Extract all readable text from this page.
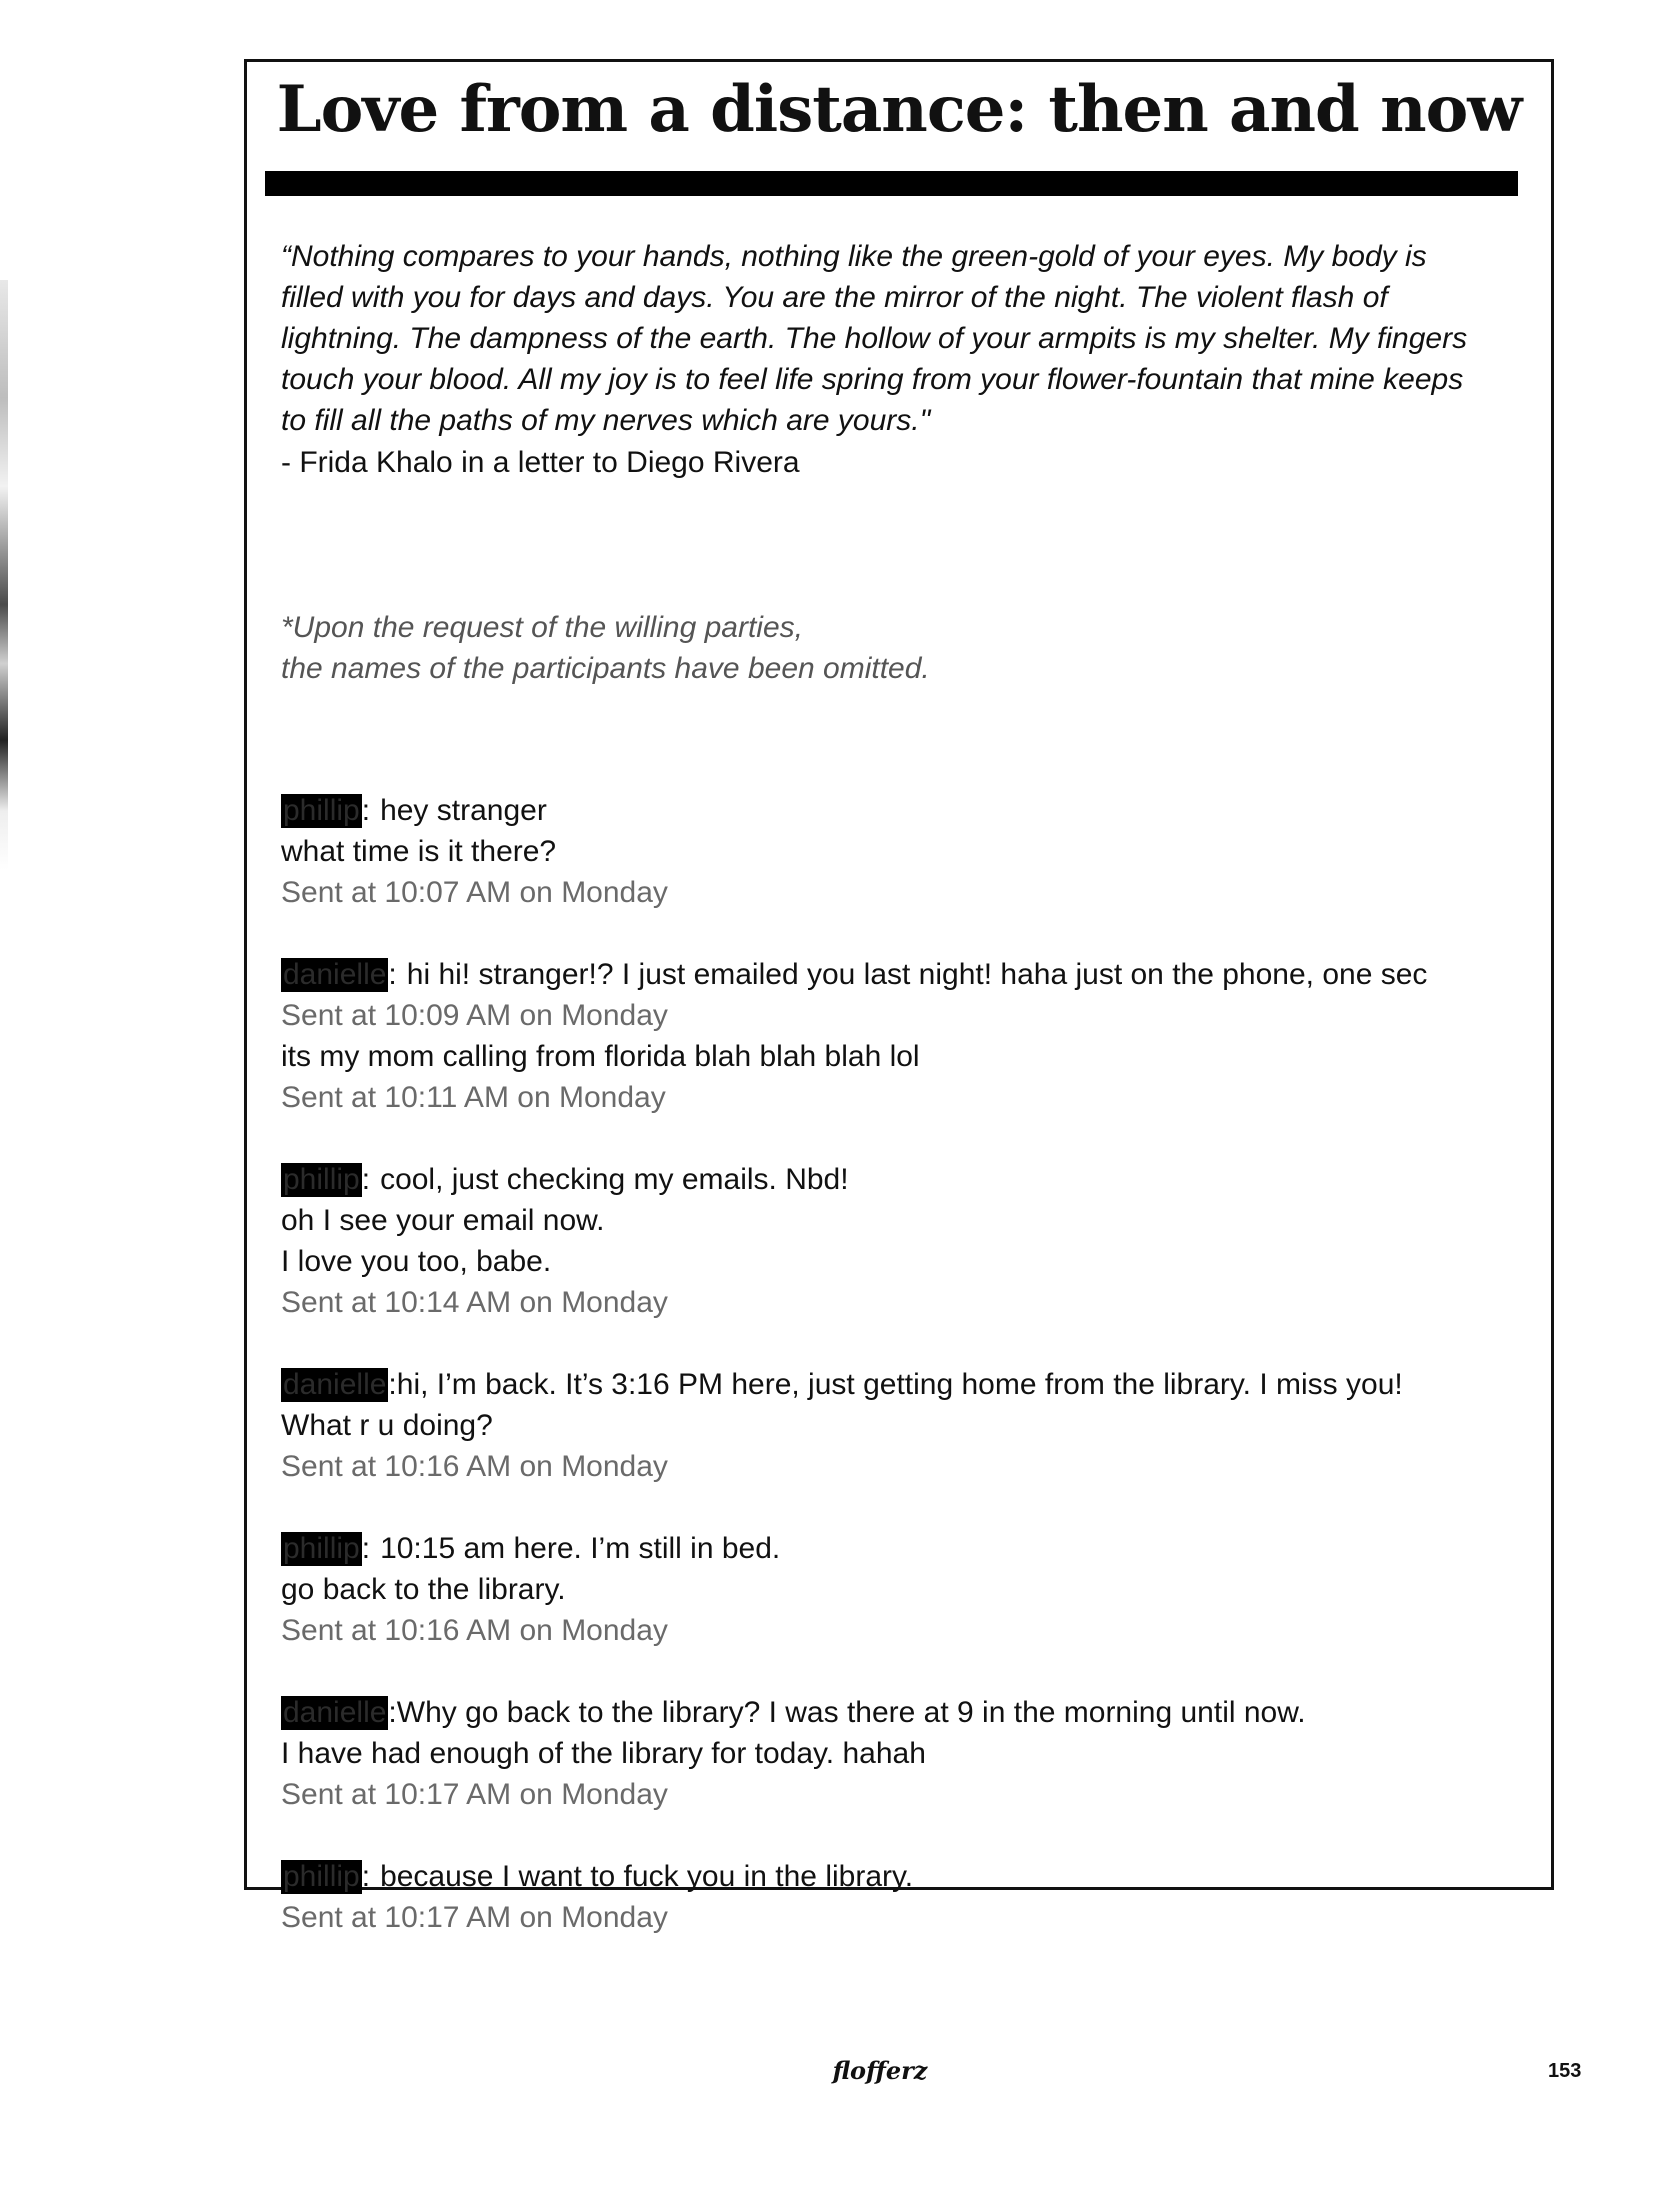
Love from a distance: then and now
“Nothing compares to your hands, nothing like the green-gold of your eyes. My body is filled with you for days and days. You are the mirror of the night. The violent flash of lightning. The dampness of the earth. The hollow of your armpits is my shelter. My fingers touch your blood. All my joy is to feel life spring from your flower-fountain that mine keeps to fill all the paths of my nerves which are yours."
- Frida Khalo in a letter to Diego Rivera
*Upon the request of the willing parties,
the names of the participants have been omitted.
phillip: hey stranger
what time is it there?
Sent at 10:07 AM on Monday
danielle: hi hi! stranger!? I just emailed you last night! haha just on the phone, one sec
Sent at 10:09 AM on Monday
its my mom calling from florida blah blah blah lol
Sent at 10:11 AM on Monday
phillip: cool, just checking my emails. Nbd!
oh I see your email now.
I love you too, babe.
Sent at 10:14 AM on Monday
danielle:hi, I’m back. It’s 3:16 PM here, just getting home from the library. I miss you!
What r u doing?
Sent at 10:16 AM on Monday
phillip: 10:15 am here. I’m still in bed.
go back to the library.
Sent at 10:16 AM on Monday
danielle:Why go back to the library? I was there at 9 in the morning until now.
I have had enough of the library for today. hahah
Sent at 10:17 AM on Monday
phillip: because I want to fuck you in the library.
Sent at 10:17 AM on Monday
flofferz	153
